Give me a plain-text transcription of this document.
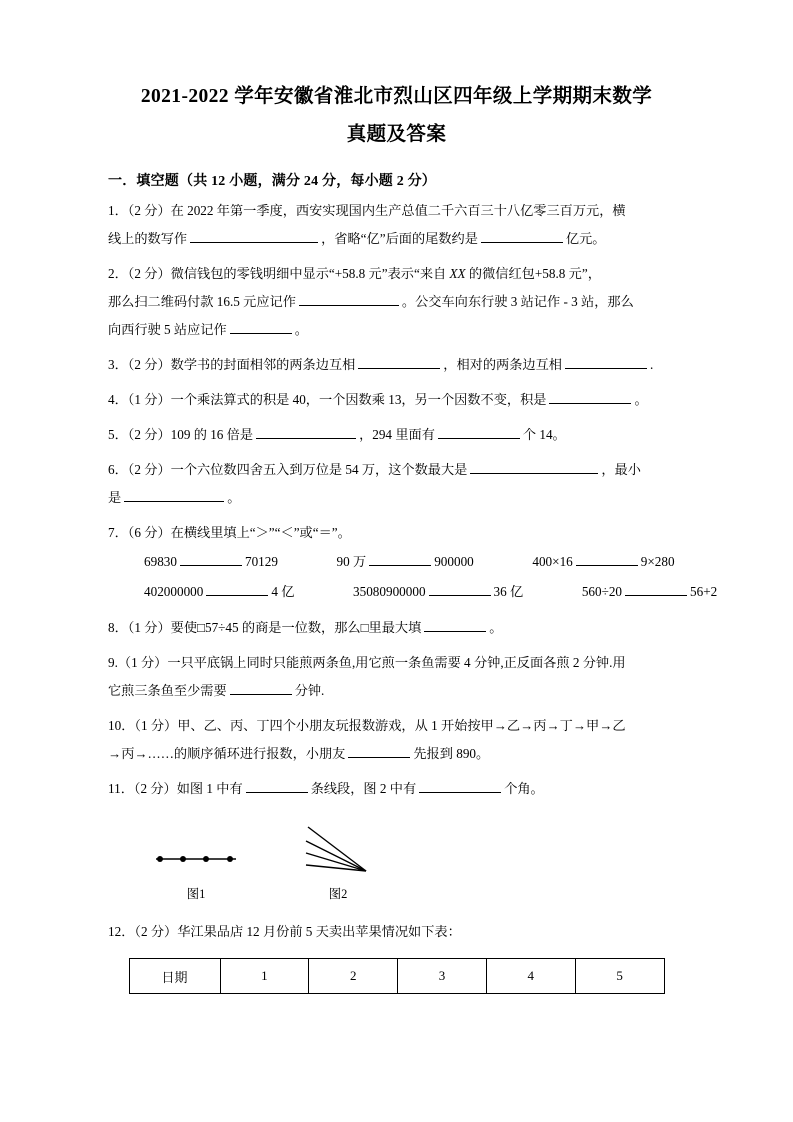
2021-2022 学年安徽省淮北市烈山区四年级上学期期末数学
真题及答案
一．填空题（共 12 小题，满分 24 分，每小题 2 分）
1．（2 分）在 2022 年第一季度，西安实现国内生产总值二千六百三十八亿零三百万元，横
线上的数写作	，省略“亿”后面的尾数约是	亿元。
2．（2 分）微信钱包的零钱明细中显示“+58.8 元”表示“来自 XX 的微信红包+58.8 元”，
那么扫二维码付款 16.5 元应记作	。公交车向东行驶 3 站记作 - 3 站，那么
向西行驶 5 站应记作	。
3．（2 分）数学书的封面相邻的两条边互相	，相对的两条边互相	.
4．（1 分）一个乘法算式的积是 40，一个因数乘 13，另一个因数不变，积是	。
5．（2 分）109 的 16 倍是	，294 里面有	个 14。
6．（2 分）一个六位数四舍五入到万位是 54 万，这个数最大是	，最小
是	。
7．（6 分）在横线里填上“＞”“＜”或“＝”。
69830	70129	90 万	900000	400×16	9×280
402000000	4 亿	35080900000	36 亿	560÷20	56+2
8．（1 分）要使□57÷45 的商是一位数，那么□里最大填	。
9.（1 分）一只平底锅上同时只能煎两条鱼,用它煎一条鱼需要 4 分钟,正反面各煎 2 分钟.用
它煎三条鱼至少需要	分钟.
10．（1 分）甲、乙、丙、丁四个小朋友玩报数游戏，从 1 开始按甲→乙→丙→丁→甲→乙
→丙→……的顺序循环进行报数，小朋友	先报到 890。
11．（2 分）如图 1 中有	条线段，图 2 中有	个角。
图1
	图2
12．（2 分）华江果品店 12 月份前 5 天卖出苹果情况如下表：
日期	1	2	3	4	5
